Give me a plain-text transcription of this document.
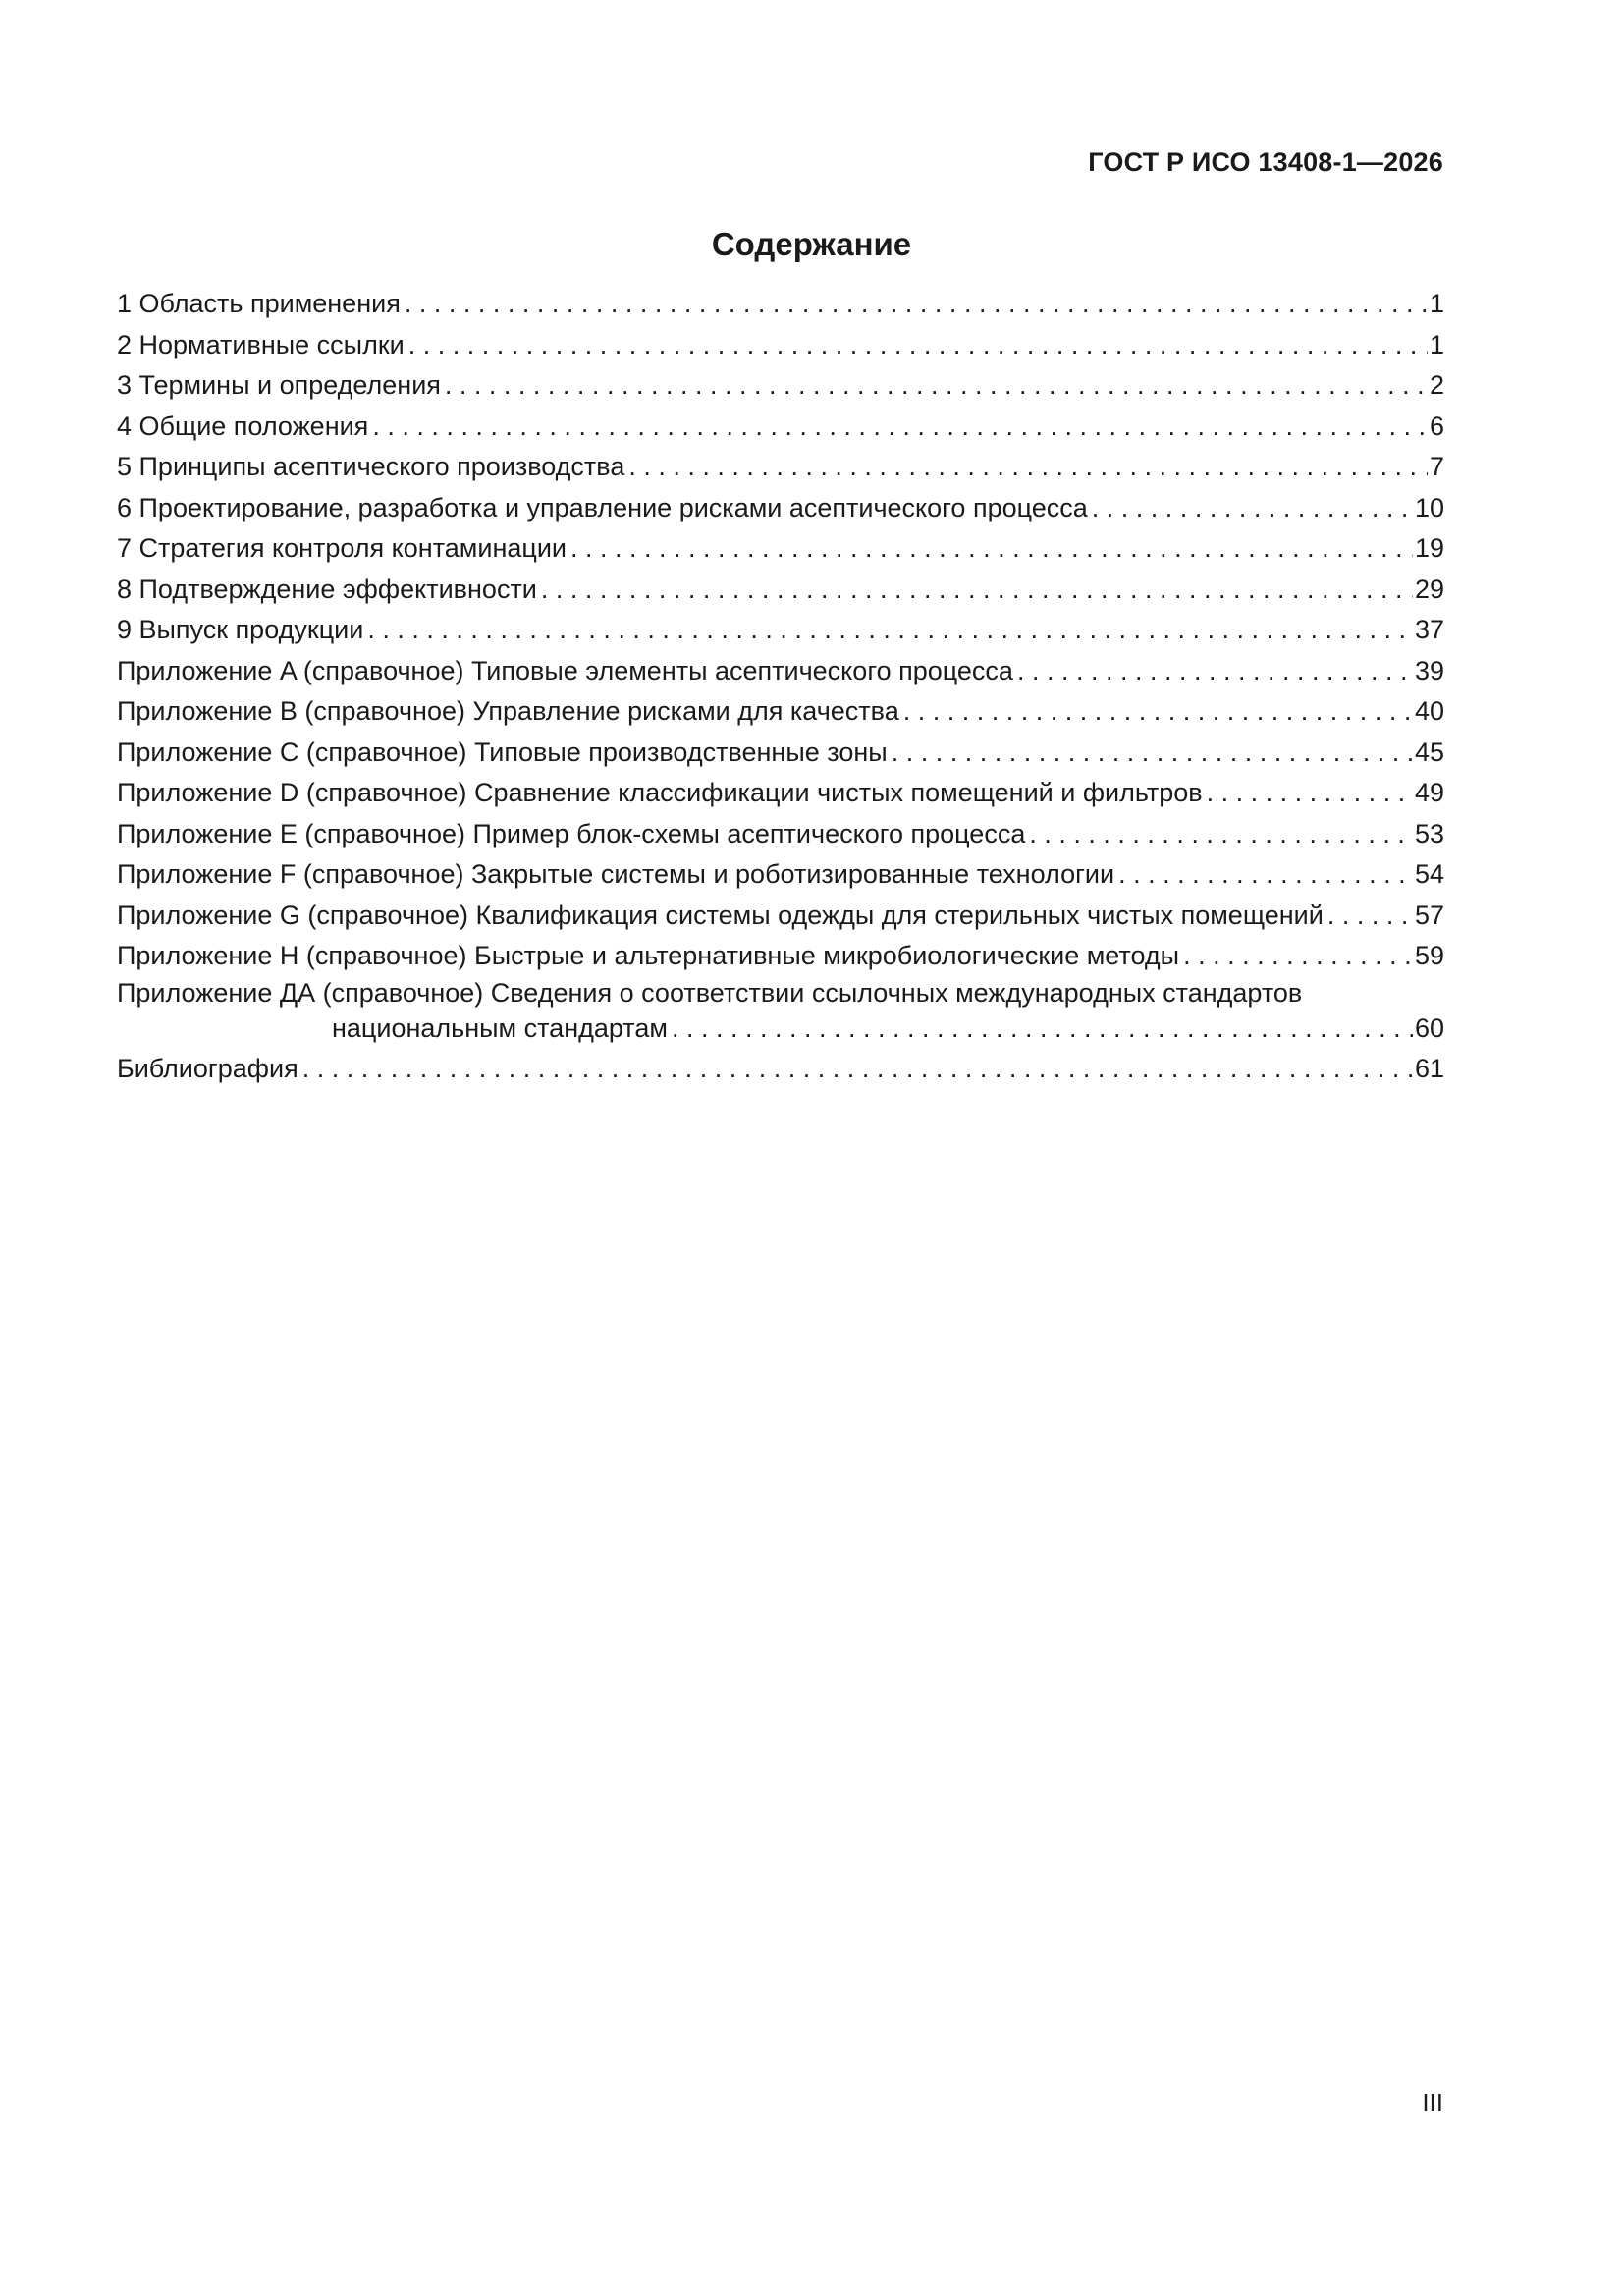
ГОСТ Р ИСО 13408-1—2026
Содержание
1 Область применения . . .	1
2 Нормативные ссылки . . .	1
3 Термины и определения . . .	2
4 Общие положения . . .	6
5 Принципы асептического производства . . .	7
6 Проектирование, разработка и управление рисками асептического процесса . . .	10
7 Стратегия контроля контаминации . . .	19
8 Подтверждение эффективности . . .	29
9 Выпуск продукции . . .	37
Приложение A (справочное) Типовые элементы асептического процесса . . .	39
Приложение B (справочное) Управление рисками для качества . . .	40
Приложение C (справочное) Типовые производственные зоны . . .	45
Приложение D (справочное) Сравнение классификации чистых помещений и фильтров . . .	49
Приложение E (справочное) Пример блок-схемы асептического процесса . . .	53
Приложение F (справочное) Закрытые системы и роботизированные технологии . . .	54
Приложение G (справочное) Квалификация системы одежды для стерильных чистых помещений . . .	57
Приложение H (справочное) Быстрые и альтернативные микробиологические методы . . .	59
Приложение ДА (справочное) Сведения о соответствии ссылочных международных стандартов
национальным стандартам . . .	60
Библиография . . .	61
III
